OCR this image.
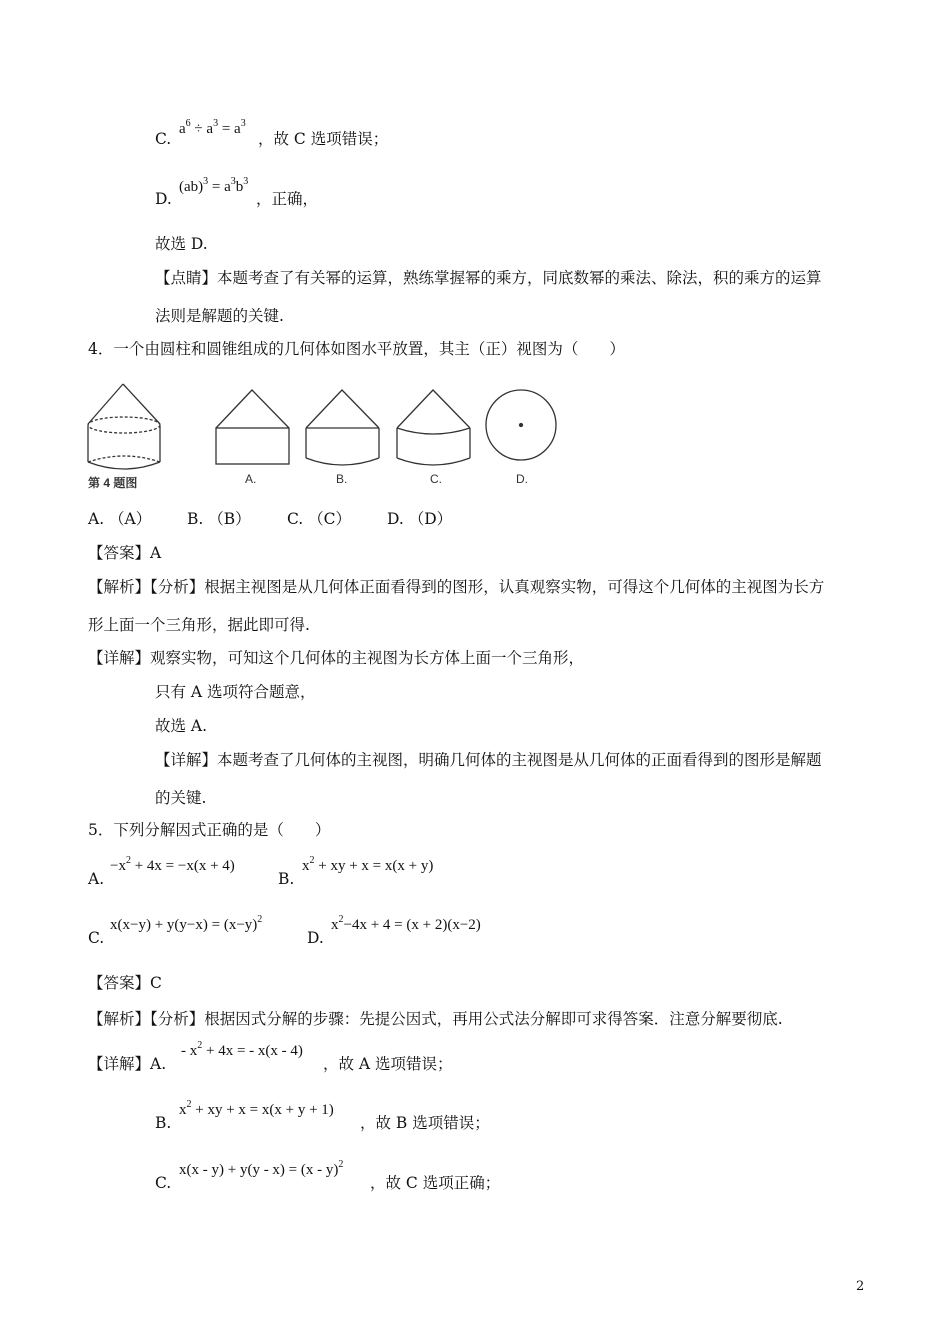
C.
$a^6 \div a^3 = a^3$
，故 C 选项错误；
D.
$(ab)^3 = a^3b^3$
，正确，
故选 D.
【点睛】本题考查了有关幂的运算，熟练掌握幂的乘方，同底数幂的乘法、除法，积的乘方的运算
法则是解题的关键.
4．一个由圆柱和圆锥组成的几何体如图水平放置，其主（正）视图为（　　）
第 4 题图	A.	B.	C.	D.
A. （A） B. （B） C. （C） D. （D）
【答案】A
【解析】【分析】根据主视图是从几何体正面看得到的图形，认真观察实物，可得这个几何体的主视图为长方
形上面一个三角形，据此即可得.
【详解】观察实物，可知这个几何体的主视图为长方体上面一个三角形，
只有 A 选项符合题意，
故选 A.
【详解】本题考查了几何体的主视图，明确几何体的主视图是从几何体的正面看得到的图形是解题
的关键.
5．下列分解因式正确的是（　　）
A.
$-x^2 + 4x = -x(x + 4)$
B.
$x^2$ + xy + x = x(x + y)
C.
$x(x-y) + y(y-x) = (x-y)^2$
D.
$x^2-4x + 4 = (x + 2)(x-2)$
【答案】C
【解析】【分析】根据因式分解的步骤：先提公因式，再用公式法分解即可求得答案．注意分解要彻底.
【详解】A.
- $x^2 + 4x$ = - x(x - 4)
，故 A 选项错误；
B.
$x^2$ + xy + x = x(x + y + 1)
，故 B 选项错误；
C.
x(x - y) + y(y - x) = (x - y)$^2$
，故 C 选项正确；
2
